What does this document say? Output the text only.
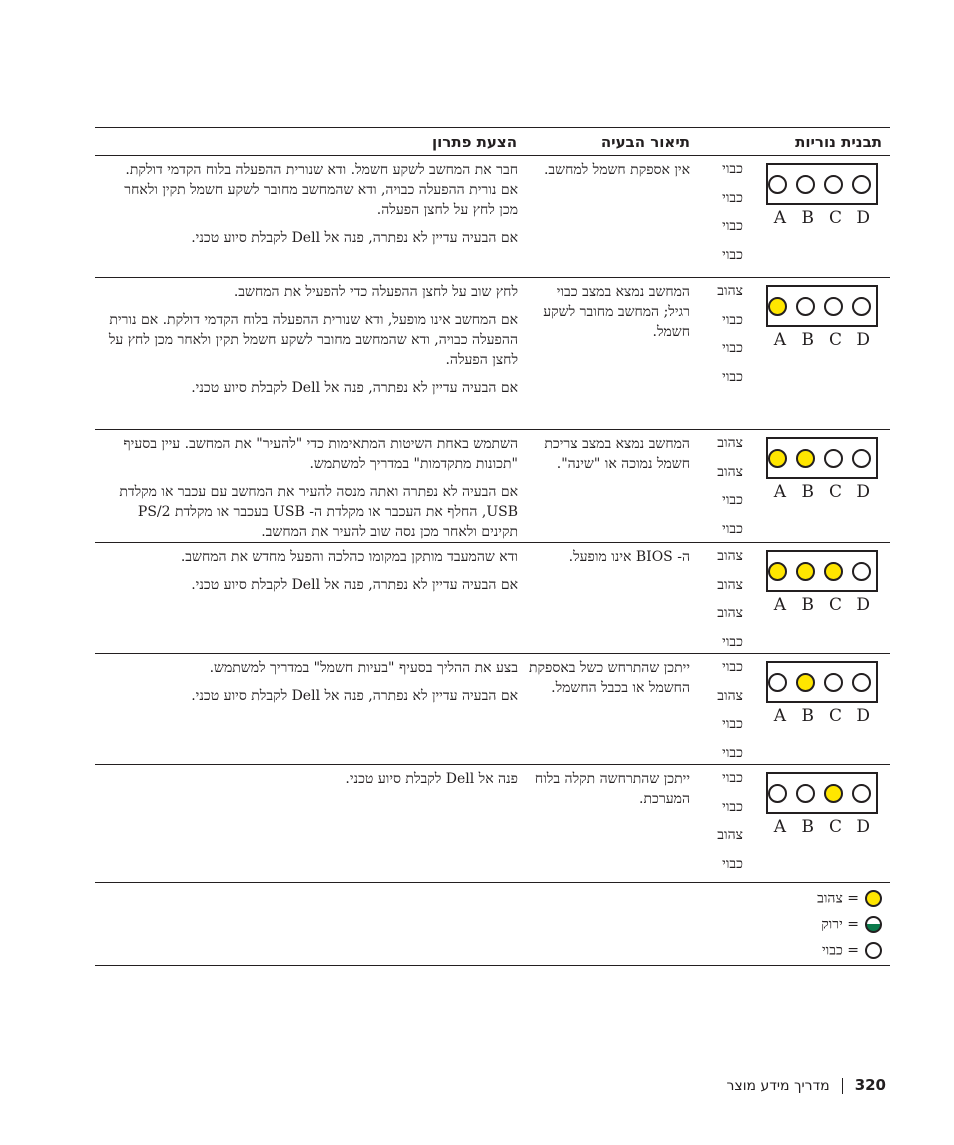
תבנית נוריות
תיאור הבעיה
הצעת פתרון
כבוי
כבוי
כבוי
כבוי
A B C D
אין אספקת חשמל למחשב.

חבר את המחשב לשקע חשמל. ודא שנורית ההפעלה בלוח הקדמי דולקת. אם נורית ההפעלה כבויה, ודא שהמחשב מחובר לשקע חשמל תקין ולאחר מכן לחץ על לחצן הפעלה.

אם הבעיה עדיין לא נפתרה, פנה אל Dell לקבלת סיוע טכני.

צהוב
כבוי
כבוי
כבוי
A B C D
המחשב נמצא במצב כבוי רגיל; המחשב מחובר לשקע חשמל.

לחץ שוב על לחצן ההפעלה כדי להפעיל את המחשב.

אם המחשב אינו מופעל, ודא שנורית ההפעלה בלוח הקדמי דולקת. אם נורית ההפעלה כבויה, ודא שהמחשב מחובר לשקע חשמל תקין ולאחר מכן לחץ על לחצן הפעלה.

אם הבעיה עדיין לא נפתרה, פנה אל Dell לקבלת סיוע טכני.

צהוב
צהוב
כבוי
כבוי
A B C D
המחשב נמצא במצב צריכת חשמל נמוכה או "שינה".

השתמש באחת השיטות המתאימות כדי "להעיר" את המחשב. עיין בסעיף "תכונות מתקדמות" במדריך למשתמש.

אם הבעיה לא נפתרה ואתה מנסה להעיר את המחשב עם עכבר או מקלדת USB, החלף את העכבר או מקלדת ה- USB בעכבר או מקלדת PS/2 תקינים ולאחר מכן נסה שוב להעיר את המחשב.

צהוב
צהוב
צהוב
כבוי
A B C D
ה- BIOS אינו מופעל.

ודא שהמעבד מותקן במקומו כהלכה והפעל מחדש את המחשב.

אם הבעיה עדיין לא נפתרה, פנה אל Dell לקבלת סיוע טכני.

כבוי
צהוב
כבוי
כבוי
A B C D
ייתכן שהתרחש כשל באספקת החשמל או בכבל החשמל.

בצע את ההליך בסעיף "בעיות חשמל" במדריך למשתמש.

אם הבעיה עדיין לא נפתרה, פנה אל Dell לקבלת סיוע טכני.

כבוי
כבוי
צהוב
כבוי
A B C D
ייתכן שהתרחשה תקלה בלוח המערכת.

פנה אל Dell לקבלת סיוע טכני.

= צהוב
= ירוק
= כבוי
320מדריך מידע מוצר
